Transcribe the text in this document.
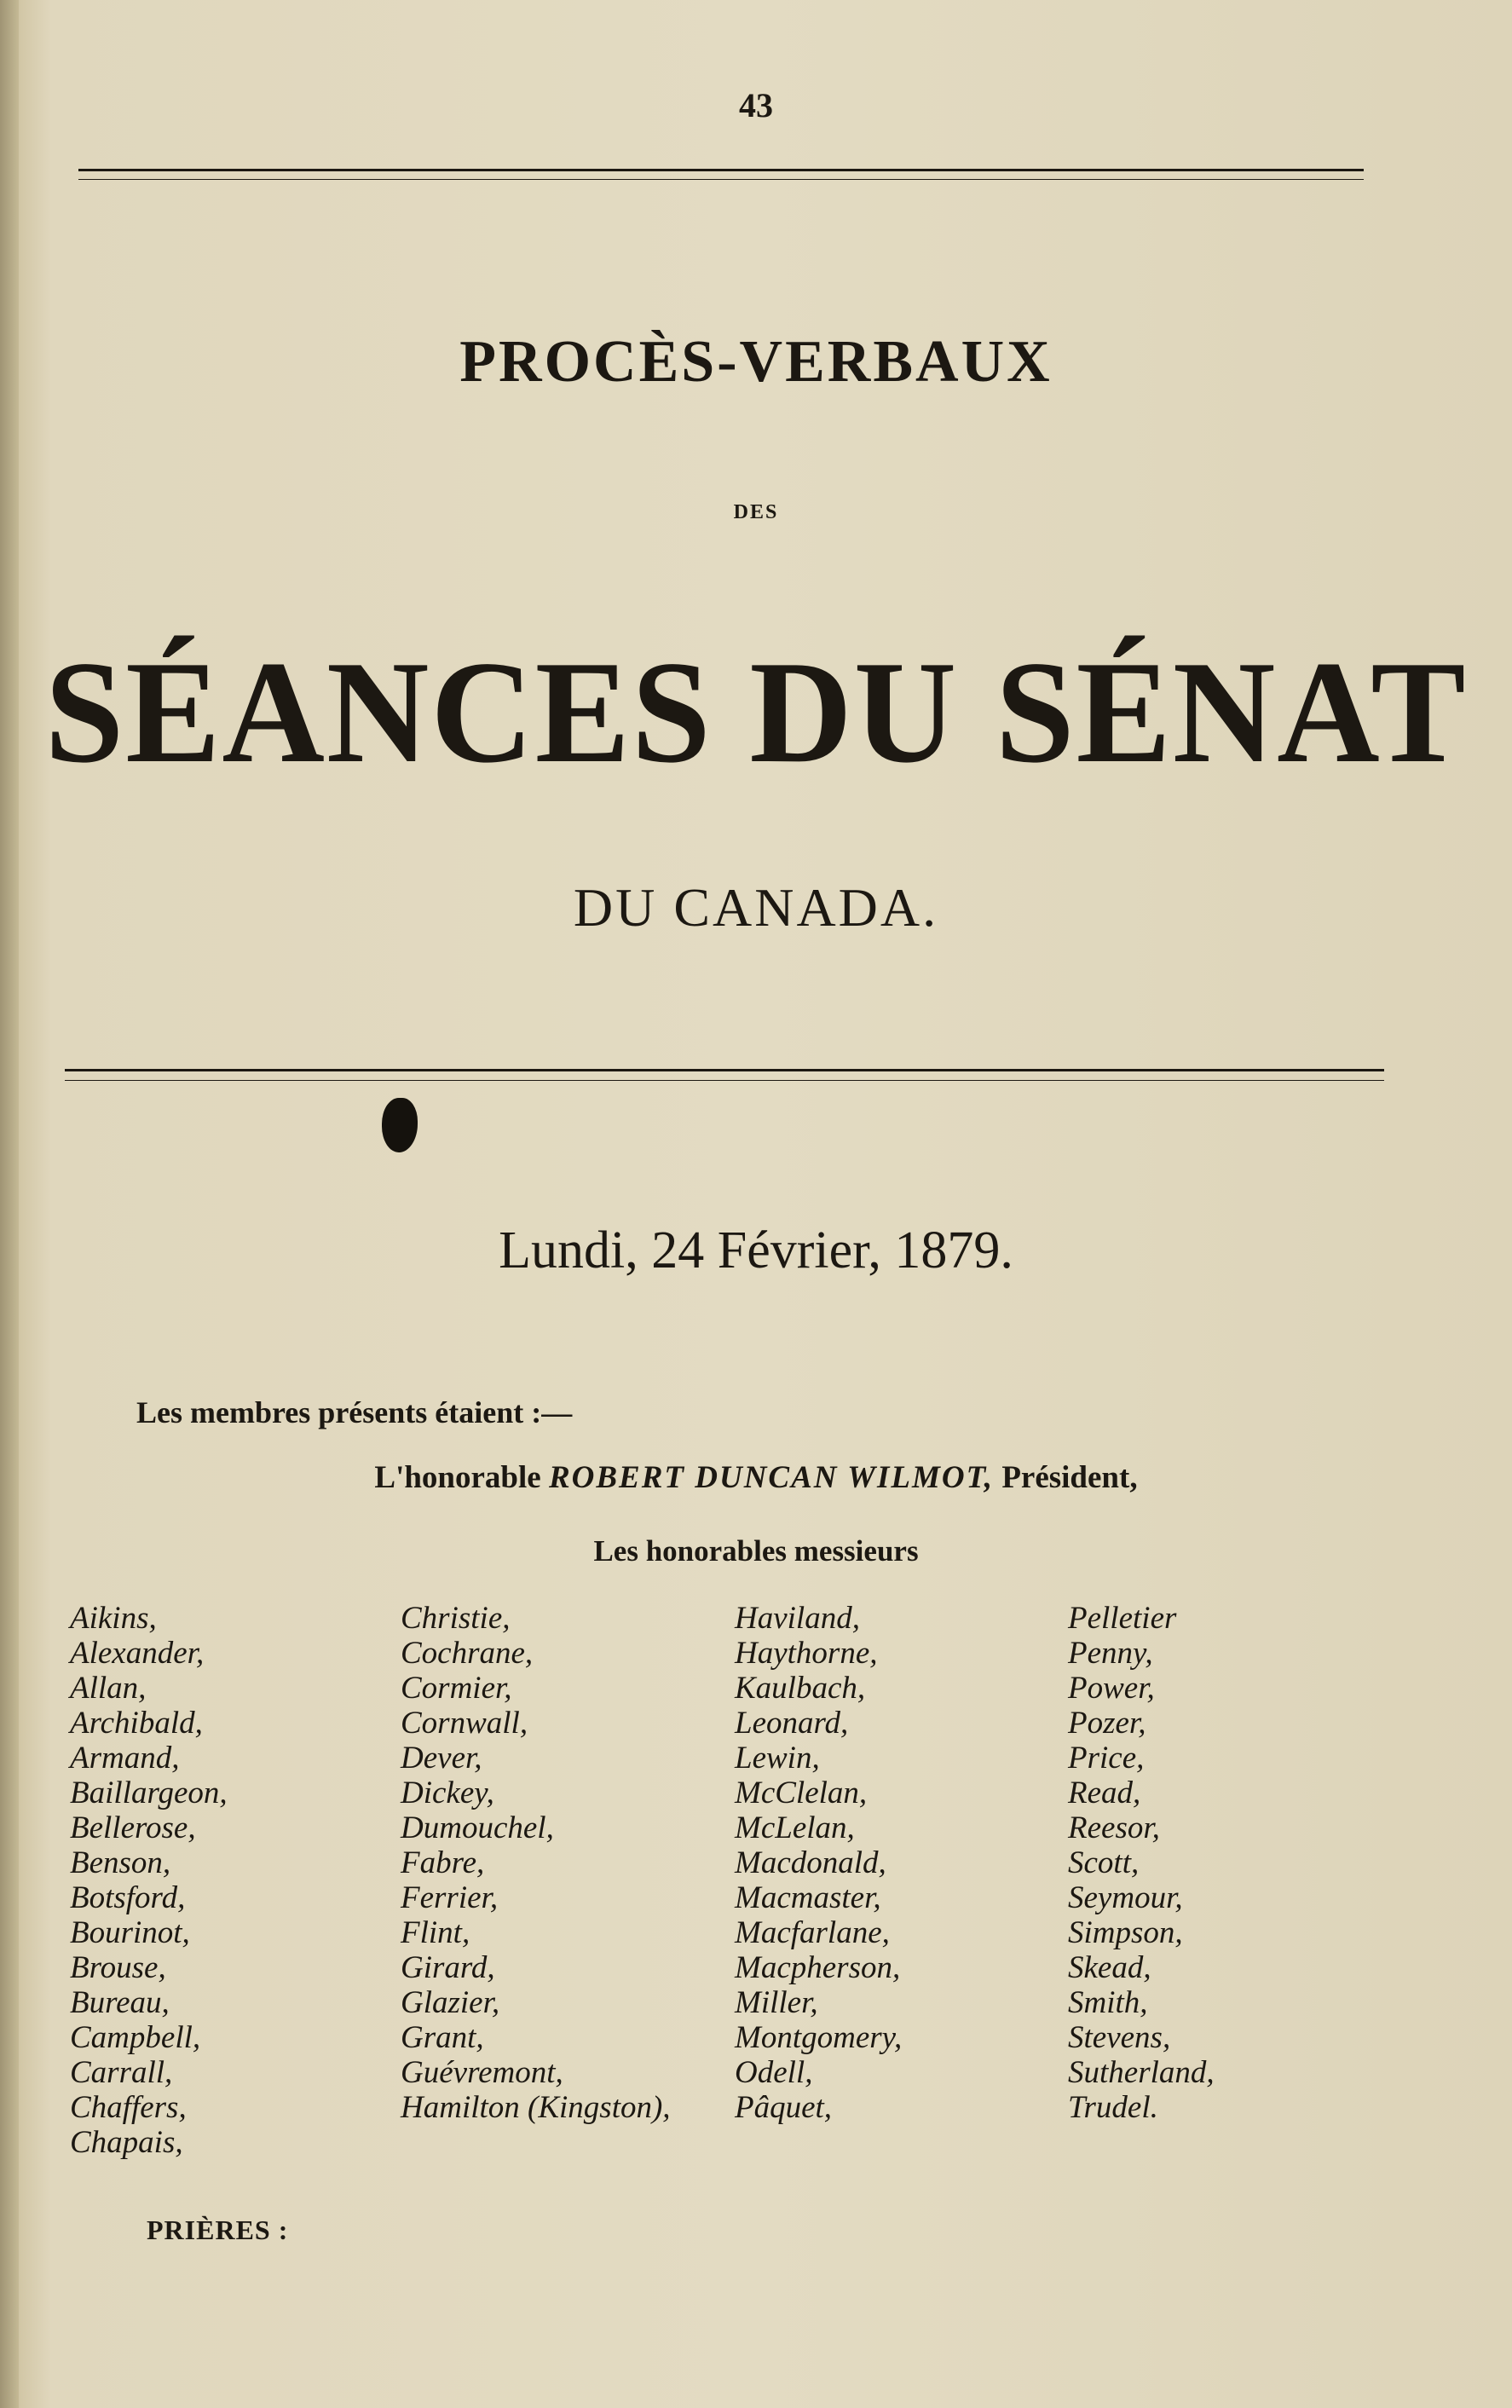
43
PROCÈS-VERBAUX
DES
SÉANCES DU SÉNAT
DU CANADA.
Lundi, 24 Février, 1879.
Les membres présents étaient :—
L'honorable ROBERT DUNCAN WILMOT, Président,
Les honorables messieurs
Aikins,
Alexander,
Allan,
Archibald,
Armand,
Baillargeon,
Bellerose,
Benson,
Botsford,
Bourinot,
Brouse,
Bureau,
Campbell,
Carrall,
Chaffers,
Chapais,
Christie,
Cochrane,
Cormier,
Cornwall,
Dever,
Dickey,
Dumouchel,
Fabre,
Ferrier,
Flint,
Girard,
Glazier,
Grant,
Guévremont,
Hamilton (Kingston),
Haviland,
Haythorne,
Kaulbach,
Leonard,
Lewin,
McClelan,
McLelan,
Macdonald,
Macmaster,
Macfarlane,
Macpherson,
Miller,
Montgomery,
Odell,
Pâquet,
Pelletier
Penny,
Power,
Pozer,
Price,
Read,
Reesor,
Scott,
Seymour,
Simpson,
Skead,
Smith,
Stevens,
Sutherland,
Trudel.
PRIÈRES :
